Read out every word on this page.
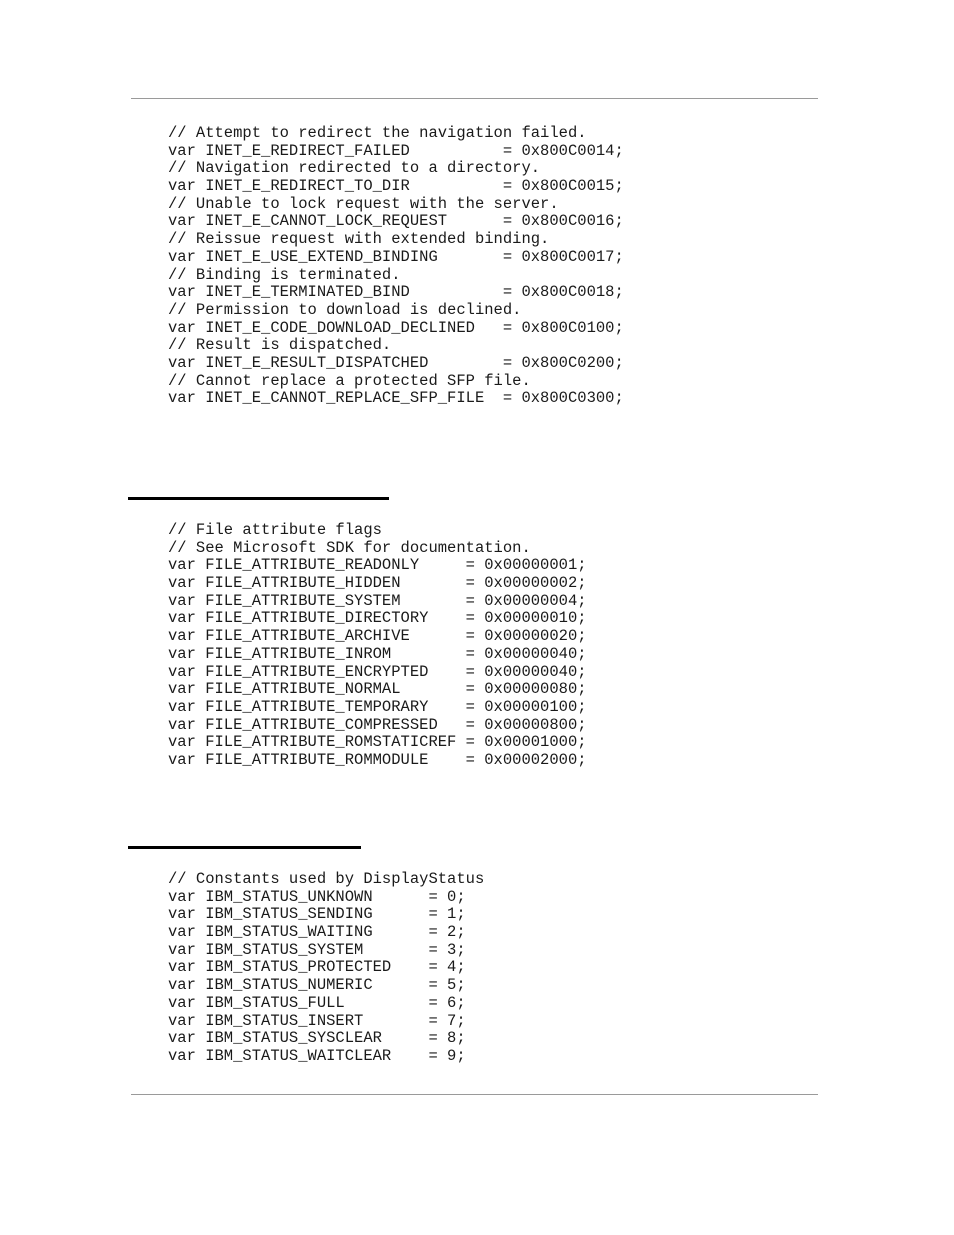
// Attempt to redirect the navigation failed.
var INET_E_REDIRECT_FAILED          = 0x800C0014;
// Navigation redirected to a directory.
var INET_E_REDIRECT_TO_DIR          = 0x800C0015;
// Unable to lock request with the server.
var INET_E_CANNOT_LOCK_REQUEST      = 0x800C0016;
// Reissue request with extended binding.
var INET_E_USE_EXTEND_BINDING       = 0x800C0017;
// Binding is terminated.
var INET_E_TERMINATED_BIND          = 0x800C0018;
// Permission to download is declined.
var INET_E_CODE_DOWNLOAD_DECLINED   = 0x800C0100;
// Result is dispatched.
var INET_E_RESULT_DISPATCHED        = 0x800C0200;
// Cannot replace a protected SFP file.
var INET_E_CANNOT_REPLACE_SFP_FILE  = 0x800C0300;
// File attribute flags
// See Microsoft SDK for documentation.
var FILE_ATTRIBUTE_READONLY     = 0x00000001;
var FILE_ATTRIBUTE_HIDDEN       = 0x00000002;
var FILE_ATTRIBUTE_SYSTEM       = 0x00000004;
var FILE_ATTRIBUTE_DIRECTORY    = 0x00000010;
var FILE_ATTRIBUTE_ARCHIVE      = 0x00000020;
var FILE_ATTRIBUTE_INROM        = 0x00000040;
var FILE_ATTRIBUTE_ENCRYPTED    = 0x00000040;
var FILE_ATTRIBUTE_NORMAL       = 0x00000080;
var FILE_ATTRIBUTE_TEMPORARY    = 0x00000100;
var FILE_ATTRIBUTE_COMPRESSED   = 0x00000800;
var FILE_ATTRIBUTE_ROMSTATICREF = 0x00001000;
var FILE_ATTRIBUTE_ROMMODULE    = 0x00002000;
// Constants used by DisplayStatus
var IBM_STATUS_UNKNOWN      = 0;
var IBM_STATUS_SENDING      = 1;
var IBM_STATUS_WAITING      = 2;
var IBM_STATUS_SYSTEM       = 3;
var IBM_STATUS_PROTECTED    = 4;
var IBM_STATUS_NUMERIC      = 5;
var IBM_STATUS_FULL         = 6;
var IBM_STATUS_INSERT       = 7;
var IBM_STATUS_SYSCLEAR     = 8;
var IBM_STATUS_WAITCLEAR    = 9;
